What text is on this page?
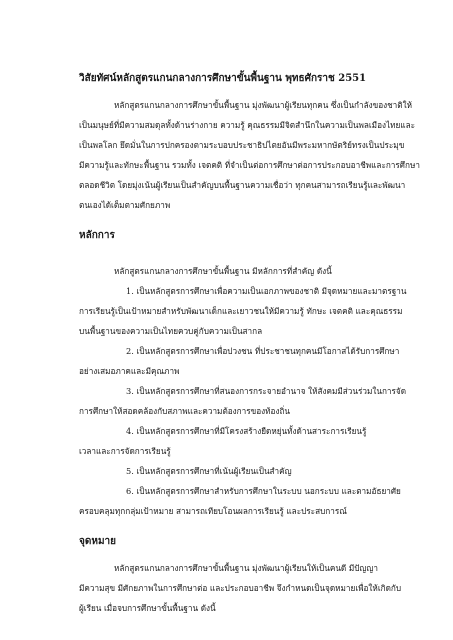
วิสัยทัศน์หลักสูตรแกนกลางการศึกษาขั้นพื้นฐาน พุทธศักราช 2551
หลักสูตรแกนกลางการศึกษาขั้นพื้นฐาน มุ่งพัฒนาผู้เรียนทุกคน ซึ่งเป็นกำลังของชาติให้
เป็นมนุษย์ที่มีความสมดุลทั้งด้านร่างกาย ความรู้ คุณธรรมมีจิตสำนึกในความเป็นพลเมืองไทยและ
เป็นพลโลก ยึดมั่นในการปกครองตามระบอบประชาธิปไตยอันมีพระมหากษัตริย์ทรงเป็นประมุข
มีความรู้และทักษะพื้นฐาน รวมทั้ง เจตคติ ที่จำเป็นต่อการศึกษาต่อการประกอบอาชีพและการศึกษา
ตลอดชีวิต โดยมุ่งเน้นผู้เรียนเป็นสำคัญบนพื้นฐานความเชื่อว่า ทุกคนสามารถเรียนรู้และพัฒนา
ตนเองได้เต็มตามศักยภาพ
หลักการ
หลักสูตรแกนกลางการศึกษาขั้นพื้นฐาน มีหลักการที่สำคัญ ดังนี้
1. เป็นหลักสูตรการศึกษาเพื่อความเป็นเอกภาพของชาติ มีจุดหมายและมาตรฐาน
การเรียนรู้เป็นเป้าหมายสำหรับพัฒนาเด็กและเยาวชนให้มีความรู้ ทักษะ เจตคติ และคุณธรรม
บนพื้นฐานของความเป็นไทยควบคู่กับความเป็นสากล
2. เป็นหลักสูตรการศึกษาเพื่อปวงชน ที่ประชาชนทุกคนมีโอกาสได้รับการศึกษา
อย่างเสมอภาคและมีคุณภาพ
3. เป็นหลักสูตรการศึกษาที่สนองการกระจายอำนาจ ให้สังคมมีส่วนร่วมในการจัด
การศึกษาให้สอดคล้องกับสภาพและความต้องการของท้องถิ่น
4. เป็นหลักสูตรการศึกษาที่มีโครงสร้างยืดหยุ่นทั้งด้านสาระการเรียนรู้
เวลาและการจัดการเรียนรู้
5. เป็นหลักสูตรการศึกษาที่เน้นผู้เรียนเป็นสำคัญ
6. เป็นหลักสูตรการศึกษาสำหรับการศึกษาในระบบ นอกระบบ และตามอัธยาศัย
ครอบคลุมทุกกลุ่มเป้าหมาย สามารถเทียบโอนผลการเรียนรู้ และประสบการณ์
จุดหมาย
หลักสูตรแกนกลางการศึกษาขั้นพื้นฐาน มุ่งพัฒนาผู้เรียนให้เป็นคนดี มีปัญญา
มีความสุข มีศักยภาพในการศึกษาต่อ และประกอบอาชีพ จึงกำหนดเป็นจุดหมายเพื่อให้เกิดกับ
ผู้เรียน เมื่อจบการศึกษาขั้นพื้นฐาน ดังนี้
